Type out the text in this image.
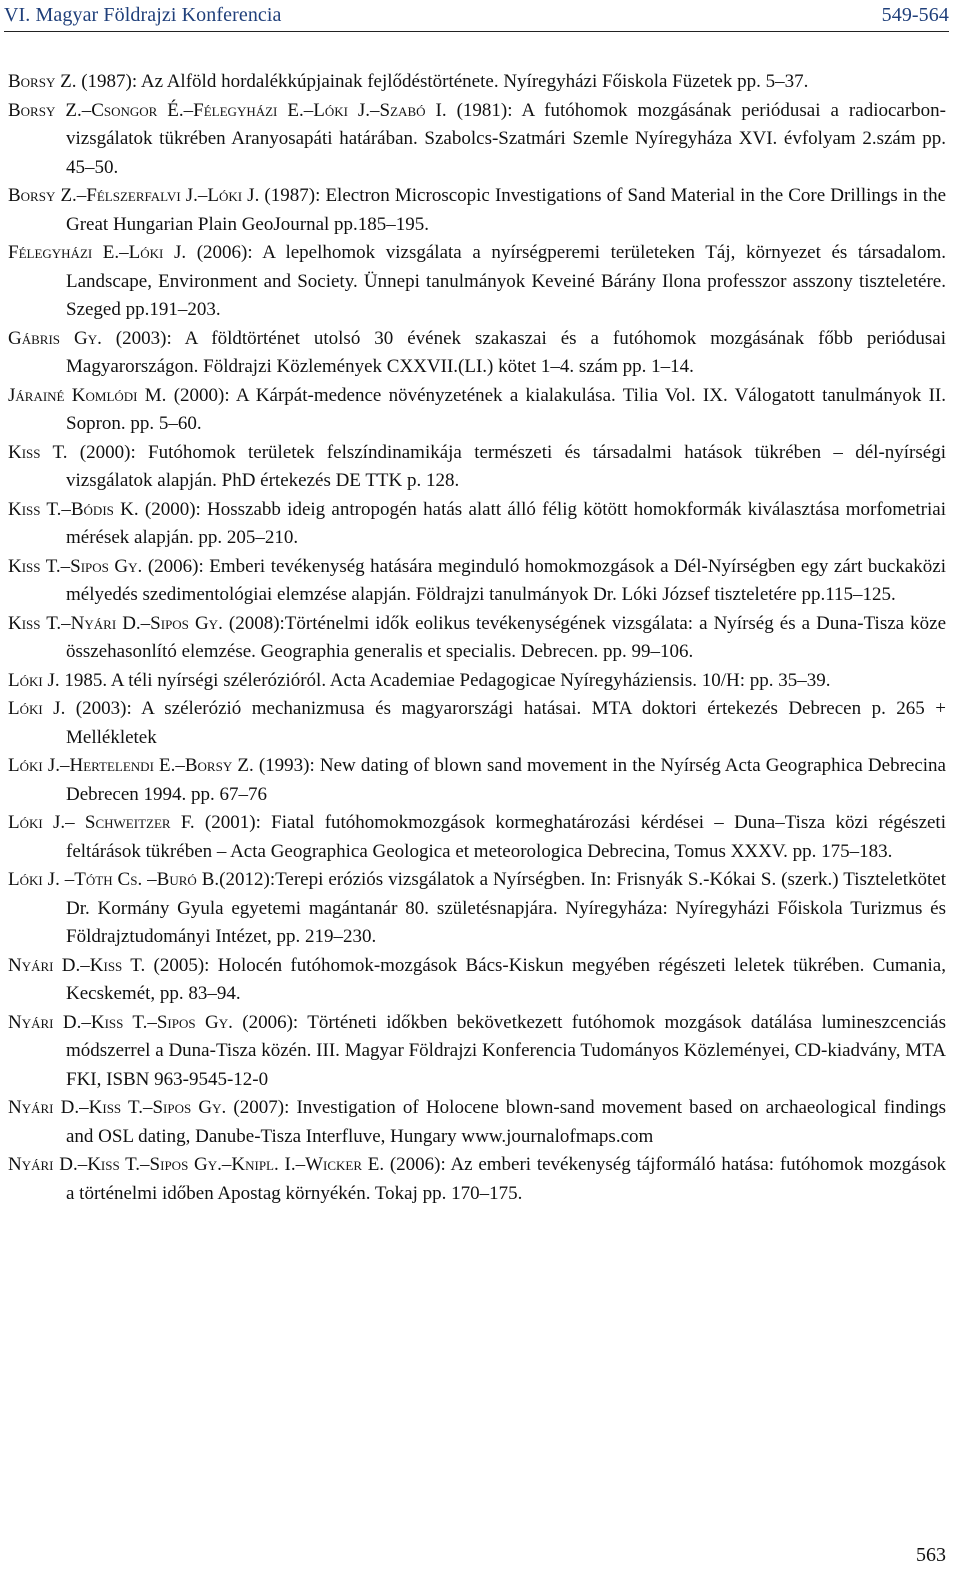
VI. Magyar Földrajzi Konferencia	549-564
Borsy Z. (1987): Az Alföld hordalékkúpjainak fejlődéstörténete. Nyíregyházi Főiskola Füzetek pp. 5–37.
Borsy Z.–Csongor É.–Félegyházi E.–Lóki J.–Szabó I. (1981): A futóhomok mozgásának periódusai a radiocarbon-vizsgálatok tükrében Aranyosapáti határában. Szabolcs-Szatmári Szemle Nyíregyháza XVI. évfolyam 2.szám pp. 45–50.
Borsy Z.–Félszerfalvi J.–Lóki J. (1987): Electron Microscopic Investigations of Sand Material in the Core Drillings in the Great Hungarian Plain GeoJournal pp.185–195.
Félegyházi E.–Lóki J. (2006): A lepelhomok vizsgálata a nyírségperemi területeken Táj, környezet és társadalom. Landscape, Environment and Society. Ünnepi tanulmányok Keveiné Bárány Ilona professzor asszony tiszteletére. Szeged pp.191–203.
Gábris Gy. (2003): A földtörténet utolsó 30 évének szakaszai és a futóhomok mozgásának főbb periódusai Magyarországon. Földrajzi Közlemények CXXVII.(LI.) kötet 1–4. szám pp. 1–14.
Járainé Komlódi M. (2000): A Kárpát-medence növényzetének a kialakulása. Tilia Vol. IX. Válogatott tanulmányok II. Sopron. pp. 5–60.
Kiss T. (2000): Futóhomok területek felszíndinamikája természeti és társadalmi hatások tükrében – dél-nyírségi vizsgálatok alapján. PhD értekezés DE TTK p. 128.
Kiss T.–Bódis K. (2000): Hosszabb ideig antropogén hatás alatt álló félig kötött homokformák kiválasztása morfometriai mérések alapján. pp. 205–210.
Kiss T.–Sipos Gy. (2006): Emberi tevékenység hatására meginduló homokmozgások a Dél-Nyírségben egy zárt buckaközi mélyedés szedimentológiai elemzése alapján. Földrajzi tanulmányok Dr. Lóki József tiszteletére pp.115–125.
Kiss T.–Nyári D.–Sipos Gy. (2008):Történelmi idők eolikus tevékenységének vizsgálata: a Nyírség és a Duna-Tisza köze összehasonlító elemzése. Geographia generalis et specialis. Debrecen. pp. 99–106.
Lóki J. 1985. A téli nyírségi szélerózióról. Acta Academiae Pedagogicae Nyíregyháziensis. 10/H: pp. 35–39.
Lóki J. (2003): A szélerózió mechanizmusa és magyarországi hatásai. MTA doktori értekezés Debrecen p. 265 + Mellékletek
Lóki J.–Hertelendi E.–Borsy Z. (1993): New dating of blown sand movement in the Nyírség Acta Geographica Debrecina Debrecen 1994. pp. 67–76
Lóki J.– Schweitzer F. (2001): Fiatal futóhomokmozgások kormeghatározási kérdései – Duna–Tisza közi régészeti feltárások tükrében – Acta Geographica Geologica et meteorologica Debrecina, Tomus XXXV. pp. 175–183.
Lóki J. –Tóth Cs. –Buró B.(2012):Terepi eróziós vizsgálatok a Nyírségben. In: Frisnyák S.-Kókai S. (szerk.) Tiszteletkötet Dr. Kormány Gyula egyetemi magántanár 80. születésnapjára. Nyíregyháza: Nyíregyházi Főiskola Turizmus és Földrajztudományi Intézet, pp. 219–230.
Nyári D.–Kiss T. (2005): Holocén futóhomok-mozgások Bács-Kiskun megyében régészeti leletek tükrében. Cumania, Kecskemét, pp. 83–94.
Nyári D.–Kiss T.–Sipos Gy. (2006): Történeti időkben bekövetkezett futóhomok mozgások datálása lumineszcenciás módszerrel a Duna-Tisza közén. III. Magyar Földrajzi Konferencia Tudományos Közleményei, CD-kiadvány, MTA FKI, ISBN 963-9545-12-0
Nyári D.–Kiss T.–Sipos Gy. (2007): Investigation of Holocene blown-sand movement based on archaeological findings and OSL dating, Danube-Tisza Interfluve, Hungary www.journalofmaps.com
Nyári D.–Kiss T.–Sipos Gy.–Knipl. I.–Wicker E. (2006): Az emberi tevékenység tájformáló hatása: futóhomok mozgások a történelmi időben Apostag környékén. Tokaj pp. 170–175.
563
